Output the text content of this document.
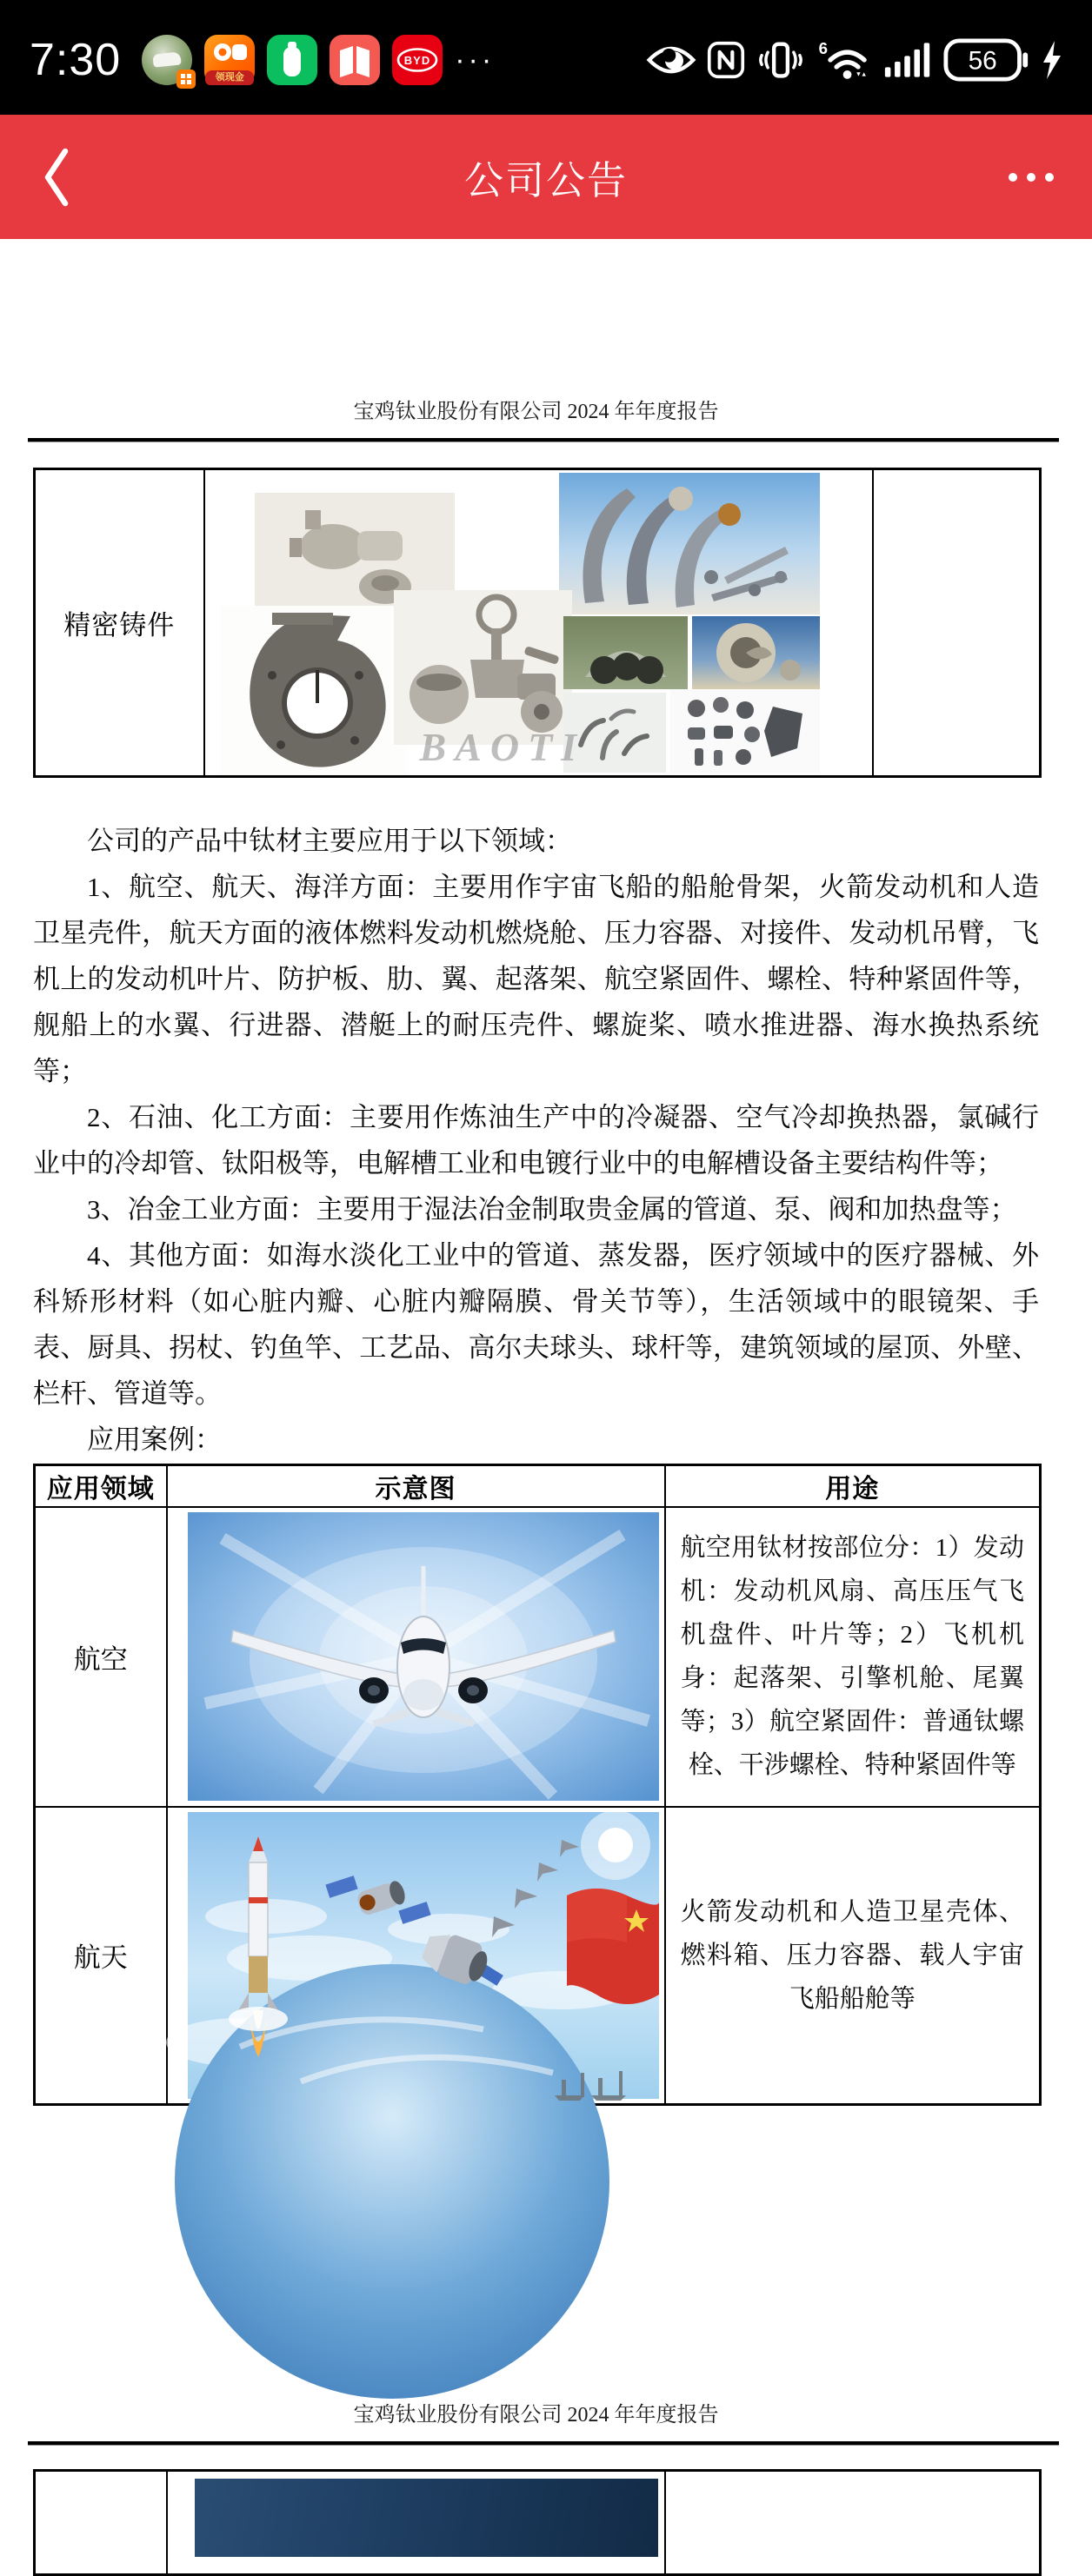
7:30	领现金
BYD ···	6	56
公司公告
宝鸡钛业股份有限公司 2024 年年度报告
精密铸件	
BAOTI

公司的产品中钛材主要应用于以下领域：

1、航空、航天、海洋方面：主要用作宇宙飞船的船舱骨架，火箭发动机和人造卫星壳件，航天方面的液体燃料发动机燃烧舱、压力容器、对接件、发动机吊臂，飞机上的发动机叶片、防护板、肋、翼、起落架、航空紧固件、螺栓、特种紧固件等，舰船上的水翼、行进器、潜艇上的耐压壳件、螺旋桨、喷水推进器、海水换热系统等；

2、石油、化工方面：主要用作炼油生产中的冷凝器、空气冷却换热器，氯碱行业中的冷却管、钛阳极等，电解槽工业和电镀行业中的电解槽设备主要结构件等；

3、冶金工业方面：主要用于湿法冶金制取贵金属的管道、泵、阀和加热盘等；

4、其他方面：如海水淡化工业中的管道、蒸发器，医疗领域中的医疗器械、外科矫形材料（如心脏内瓣、心脏内瓣隔膜、骨关节等），生活领域中的眼镜架、手表、厨具、拐杖、钓鱼竿、工艺品、高尔夫球头、球杆等，建筑领域的屋顶、外壁、栏杆、管道等。

应用案例：

应用领域	示意图	用途
航空		航空用钛材按部位分：1）发动机：发动机风扇、高压压气飞机盘件、叶片等；2）飞机机身：起落架、引擎机舱、尾翼等；3）航空紧固件：普通钛螺栓、干涉螺栓、特种紧固件等

航天		火箭发动机和人造卫星壳体、燃料箱、压力容器、载人宇宙飞船船舱等
宝鸡钛业股份有限公司 2024 年年度报告
